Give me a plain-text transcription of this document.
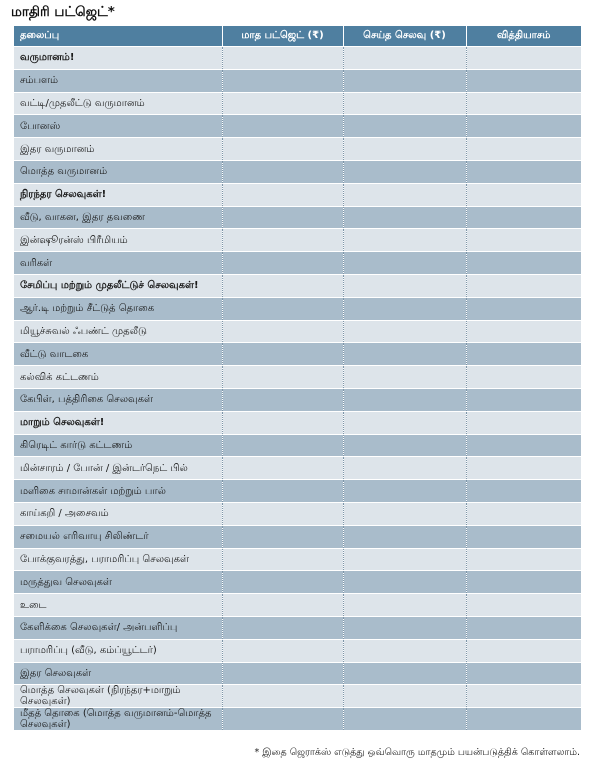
மாதிரி பட்ஜெட்*
தலைப்பு	மாத பட்ஜெட் (₹)	செய்த செலவு (₹)	வித்தியாசம்
வருமானம்!			
சம்பளம்			
வட்டி/முதலீட்டு வருமானம்			
போனஸ்			
இதர வருமானம்			
மொத்த வருமானம்			
நிரந்தர செலவுகள்!			
வீடு, வாகன, இதர தவணை			
இன்ஷூரன்ஸ் பிரீமியம்			
வரிகள்			
சேமிப்பு மற்றும் முதலீட்டுச் செலவுகள்!			
ஆர்.டி மற்றும் சீட்டுத் தொகை			
மியூச்சுவல் ஃபண்ட் முதலீடு			
வீட்டு வாடகை			
கல்விக் கட்டணம்			
கேபிள், பத்திரிகை செலவுகள்			
மாறும் செலவுகள்!			
கிரெடிட் கார்டு கட்டணம்			
மின்சாரம் / போன் / இன்டர்நெட் பில்			
மளிகை சாமான்கள் மற்றும் பால்			
காய்கறி / அசைவம்			
சமையல் எரிவாயு சிலிண்டர்			
போக்குவரத்து, பராமரிப்பு செலவுகள்			
மருத்துவ செலவுகள்			
உடை			
கேளிக்கை செலவுகள்/ அன்பளிப்பு			
பராமரிப்பு (வீடு, கம்ப்யூட்டர்)			
இதர செலவுகள்			
மொத்த செலவுகள் (நிரந்தர+மாறும் செலவுகள்)			
மீதத் தொகை (மொத்த வருமானம்-மொத்த செலவுகள்)			
* இதை ஜெராக்ஸ் எடுத்து ஒவ்வொரு மாதமும் பயன்படுத்திக் கொள்ளலாம்.
